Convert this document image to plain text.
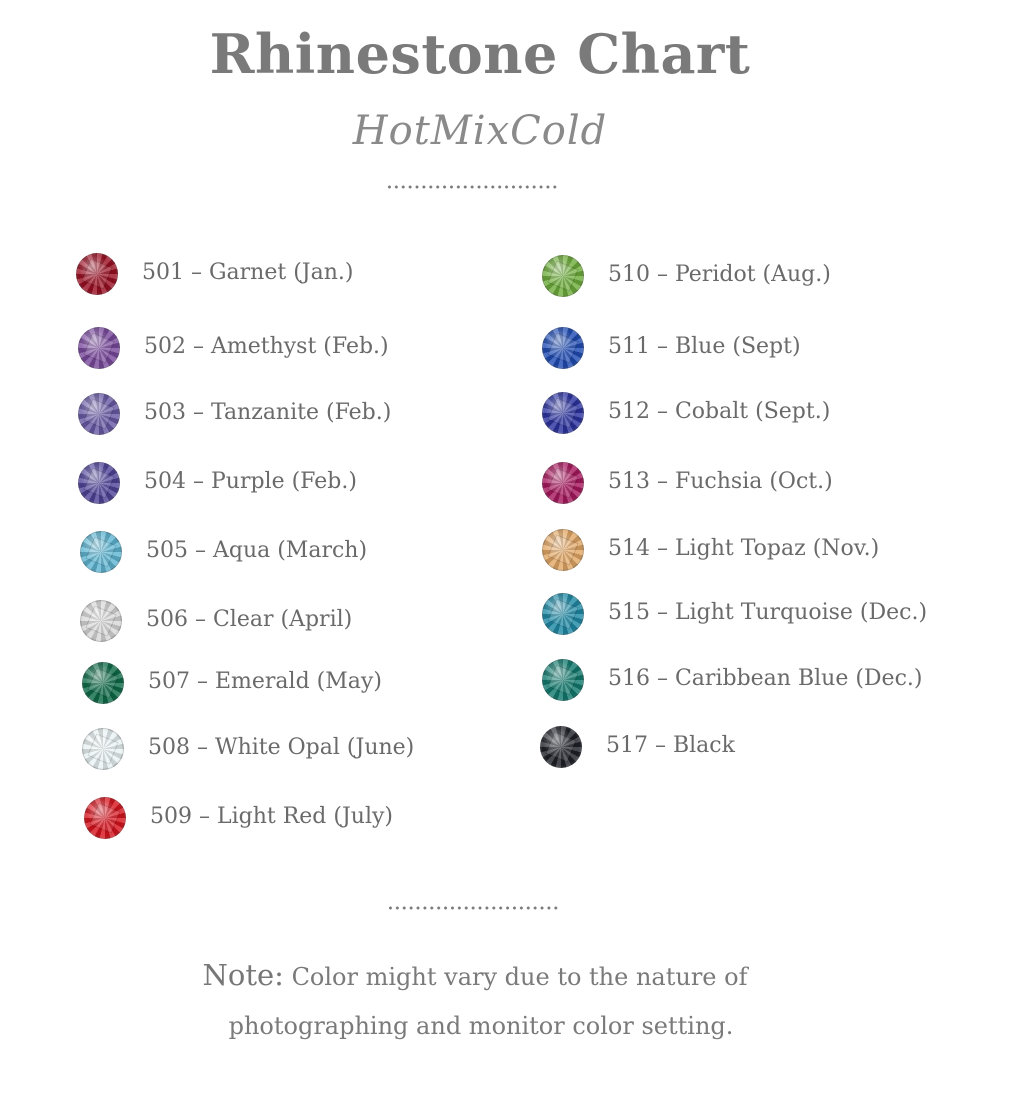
Rhinestone Chart
HotMixCold
501 – Garnet (Jan.)
502 – Amethyst (Feb.)
503 – Tanzanite (Feb.)
504 – Purple (Feb.)
505 – Aqua (March)
506 – Clear (April)
507 – Emerald (May)
508 – White Opal (June)
509 – Light Red (July)
510 – Peridot (Aug.)
511 – Blue (Sept)
512 – Cobalt (Sept.)
513 – Fuchsia (Oct.)
514 – Light Topaz (Nov.)
515 – Light Turquoise (Dec.)
516 – Caribbean Blue (Dec.)
517 – Black
Note: Color might vary due to the nature of
photographing and monitor color setting.
